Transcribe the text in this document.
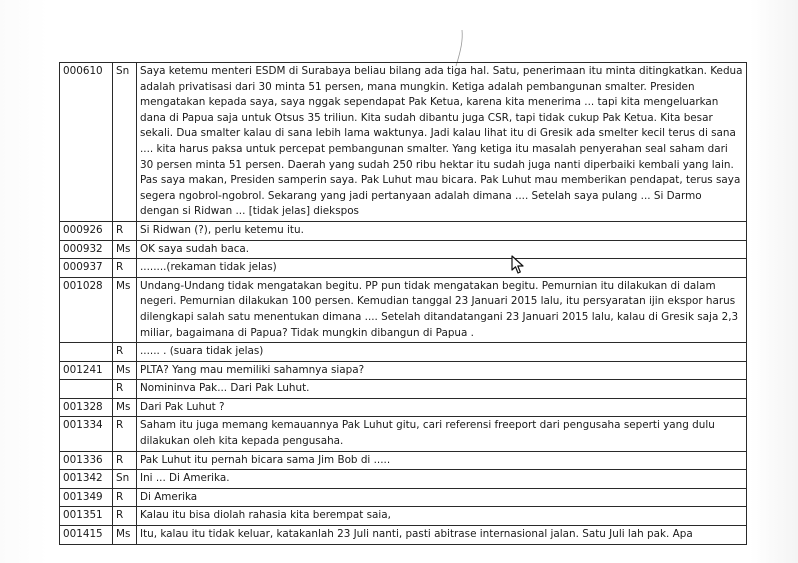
000610	Sn	Saya ketemu menteri ESDM di Surabaya beliau bilang ada tiga hal. Satu, penerimaan itu minta ditingkatkan. Kedua adalah privatisasi dari 30 minta 51 persen, mana mungkin. Ketiga adalah pembangunan smalter. Presiden mengatakan kepada saya, saya nggak sependapat Pak Ketua, karena kita menerima ... tapi kita mengeluarkan dana di Papua saja untuk Otsus 35 triliun. Kita sudah dibantu juga CSR, tapi tidak cukup Pak Ketua. Kita besar sekali. Dua smalter kalau di sana lebih lama waktunya. Jadi kalau lihat itu di Gresik ada smelter kecil terus di sana .... kita harus paksa untuk percepat pembangunan smalter. Yang ketiga itu masalah penyerahan seal saham dari 30 persen minta 51 persen. Daerah yang sudah 250 ribu hektar itu sudah juga nanti diperbaiki kembali yang lain.
Pas saya makan, Presiden samperin saya. Pak Luhut mau bicara. Pak Luhut mau memberikan pendapat, terus saya segera ngobrol-ngobrol. Sekarang yang jadi pertanyaan adalah dimana .... Setelah saya pulang ... Si Darmo dengan si Ridwan ... [tidak jelas] diekspos
000926	R	Si Ridwan (?), perlu ketemu itu.
000932	Ms	OK saya sudah baca.
000937	R	........(rekaman tidak jelas)
001028	Ms	Undang-Undang tidak mengatakan begitu. PP pun tidak mengatakan begitu. Pemurnian itu dilakukan di dalam negeri. Pemurnian dilakukan 100 persen. Kemudian tanggal 23 Januari 2015 lalu, itu persyaratan ijin ekspor harus dilengkapi salah satu menentukan dimana .... Setelah ditandatangani 23 Januari 2015 lalu, kalau di Gresik saja 2,3 miliar, bagaimana di Papua? Tidak mungkin dibangun di Papua .
	R	...... . (suara tidak jelas)
001241	Ms	PLTA? Yang mau memiliki sahamnya siapa?
	R	Nomininva Pak... Dari Pak Luhut.
001328	Ms	Dari Pak Luhut ?
001334	R	Saham itu juga memang kemauannya Pak Luhut gitu, cari referensi freeport dari pengusaha seperti yang dulu dilakukan oleh kita kepada pengusaha.
001336	R	Pak Luhut itu pernah bicara sama Jim Bob di .....
001342	Sn	Ini ... Di Amerika.
001349	R	Di Amerika
001351	R	Kalau itu bisa diolah rahasia kita berempat saia,
001415	Ms	Itu, kalau itu tidak keluar, katakanlah 23 Juli nanti, pasti abitrase internasional jalan. Satu Juli lah pak. Apa
